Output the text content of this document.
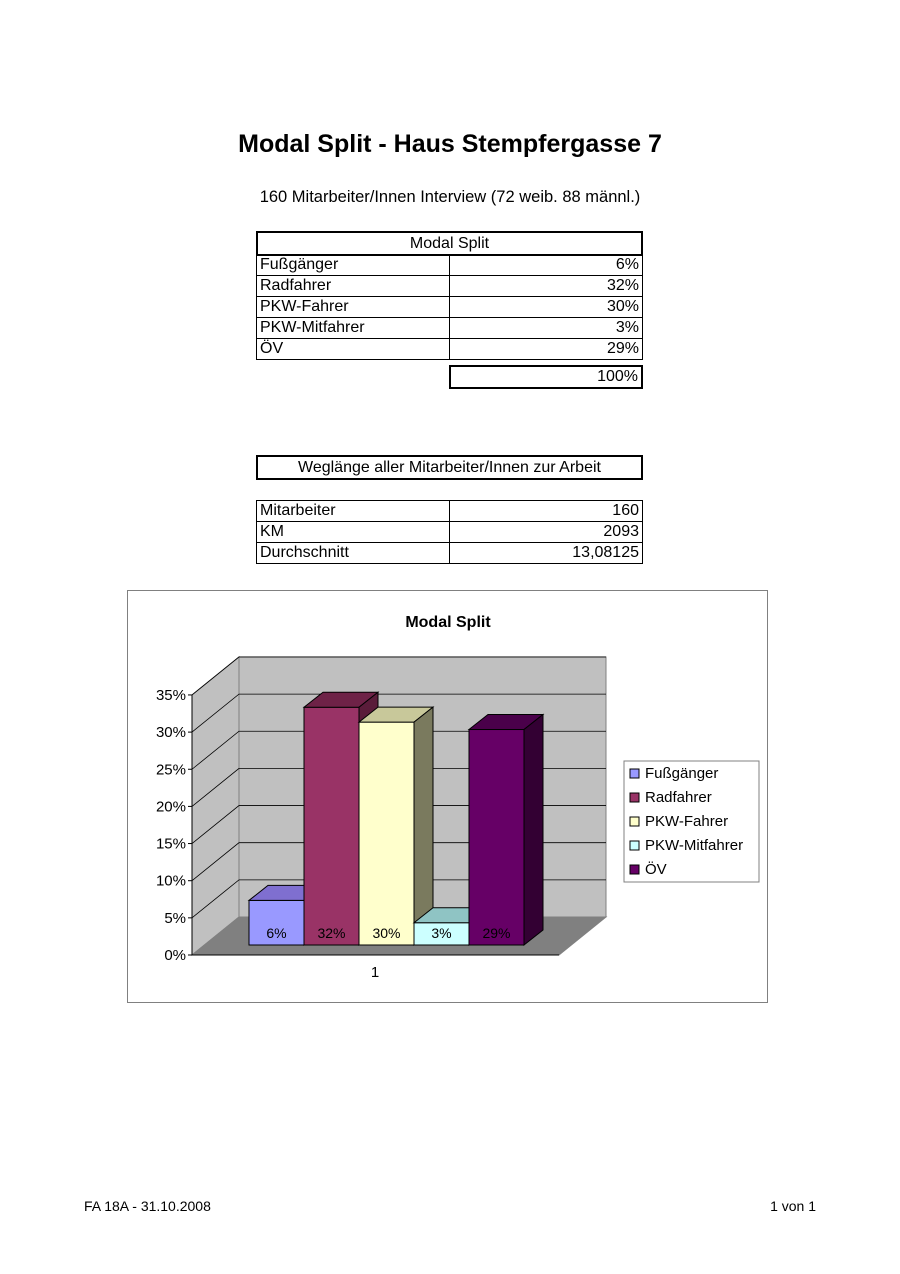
Modal Split - Haus Stempfergasse 7
160 Mitarbeiter/Innen Interview (72 weib. 88 männl.)
Modal Split
Fußgänger	6%
Radfahrer	32%
PKW-Fahrer	30%
PKW-Mitfahrer	3%
ÖV	29%
100%
Weglänge aller Mitarbeiter/Innen zur Arbeit
Mitarbeiter	160
KM	2093
Durchschnitt	13,08125
0%
5%
10%
15%
20%
25%
30%
35%
6% 32% 30% 3% 29%
1
Modal Split
Fußgänger
Radfahrer
PKW-Fahrer
PKW-Mitfahrer
ÖV
FA 18A - 31.10.2008	1 von 1
